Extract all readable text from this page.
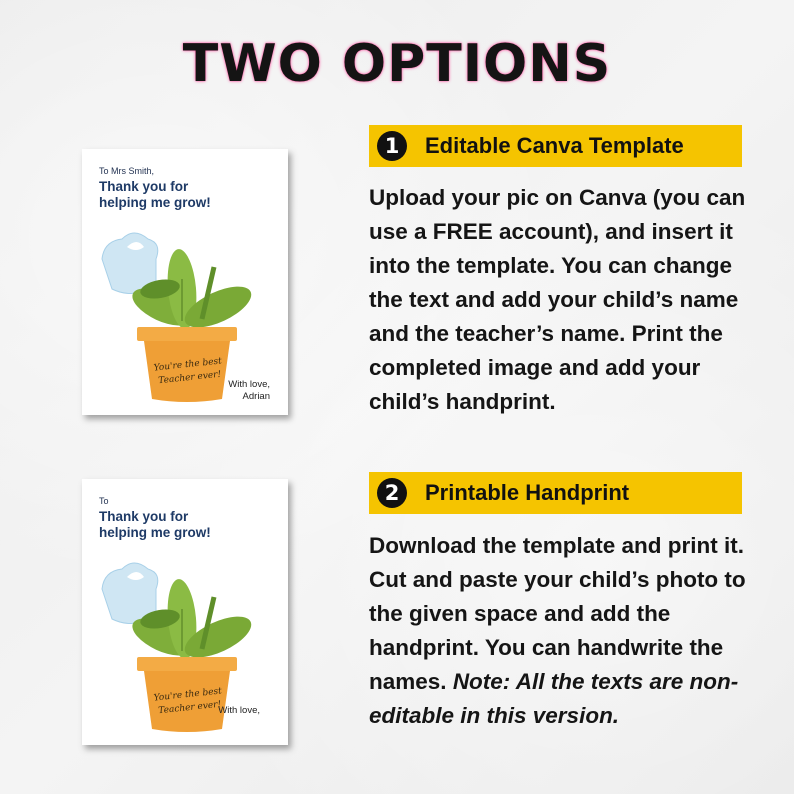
TWO OPTIONS
To Mrs Smith,
Thank you for helping me grow!
You're the best
Teacher ever! With love,
Adrian
To
Thank you for helping me grow!
You're the best
Teacher ever!
With love,
1	Editable Canva Template
Upload your pic on Canva (you can use a FREE account), and insert it into the template. You can change the text and add your child’s name and the teacher’s name. Print the completed image and add your child’s handprint.
2	Printable Handprint
Download the template and print it. Cut and paste your child’s photo to the given space and add the handprint. You can handwrite the names. Note: All the texts are non-editable in this version.
